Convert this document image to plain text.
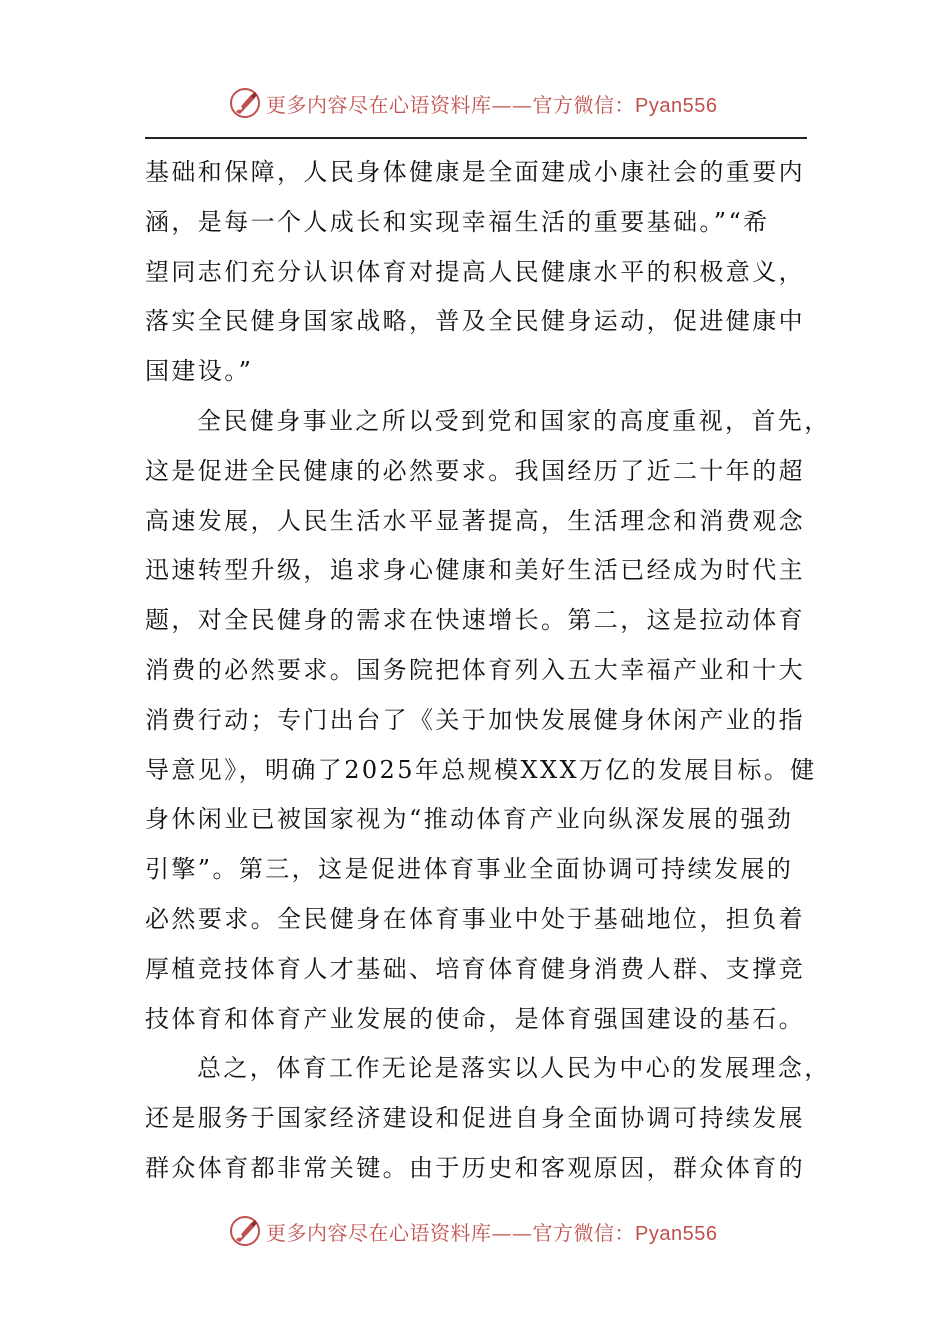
更多内容尽在心语资料库——官方微信：Pyan556

基础和保障，人民身体健康是全面建成小康社会的重要内
涵，是每一个人成长和实现幸福生活的重要基础。”“希
望同志们充分认识体育对提高人民健康水平的积极意义，
落实全民健身国家战略，普及全民健身运动，促进健康中
国建设。”

全民健身事业之所以受到党和国家的高度重视，首先，
这是促进全民健康的必然要求。我国经历了近二十年的超
高速发展，人民生活水平显著提高，生活理念和消费观念
迅速转型升级，追求身心健康和美好生活已经成为时代主
题，对全民健身的需求在快速增长。第二，这是拉动体育
消费的必然要求。国务院把体育列入五大幸福产业和十大
消费行动；专门出台了《关于加快发展健身休闲产业的指
导意见》，明确了2025年总规模XXX万亿的发展目标。健
身休闲业已被国家视为“推动体育产业向纵深发展的强劲
引擎”。第三，这是促进体育事业全面协调可持续发展的
必然要求。全民健身在体育事业中处于基础地位，担负着
厚植竞技体育人才基础、培育体育健身消费人群、支撑竞
技体育和体育产业发展的使命，是体育强国建设的基石。

总之，体育工作无论是落实以人民为中心的发展理念，
还是服务于国家经济建设和促进自身全面协调可持续发展
群众体育都非常关键。由于历史和客观原因，群众体育的

更多内容尽在心语资料库——官方微信：Pyan556
